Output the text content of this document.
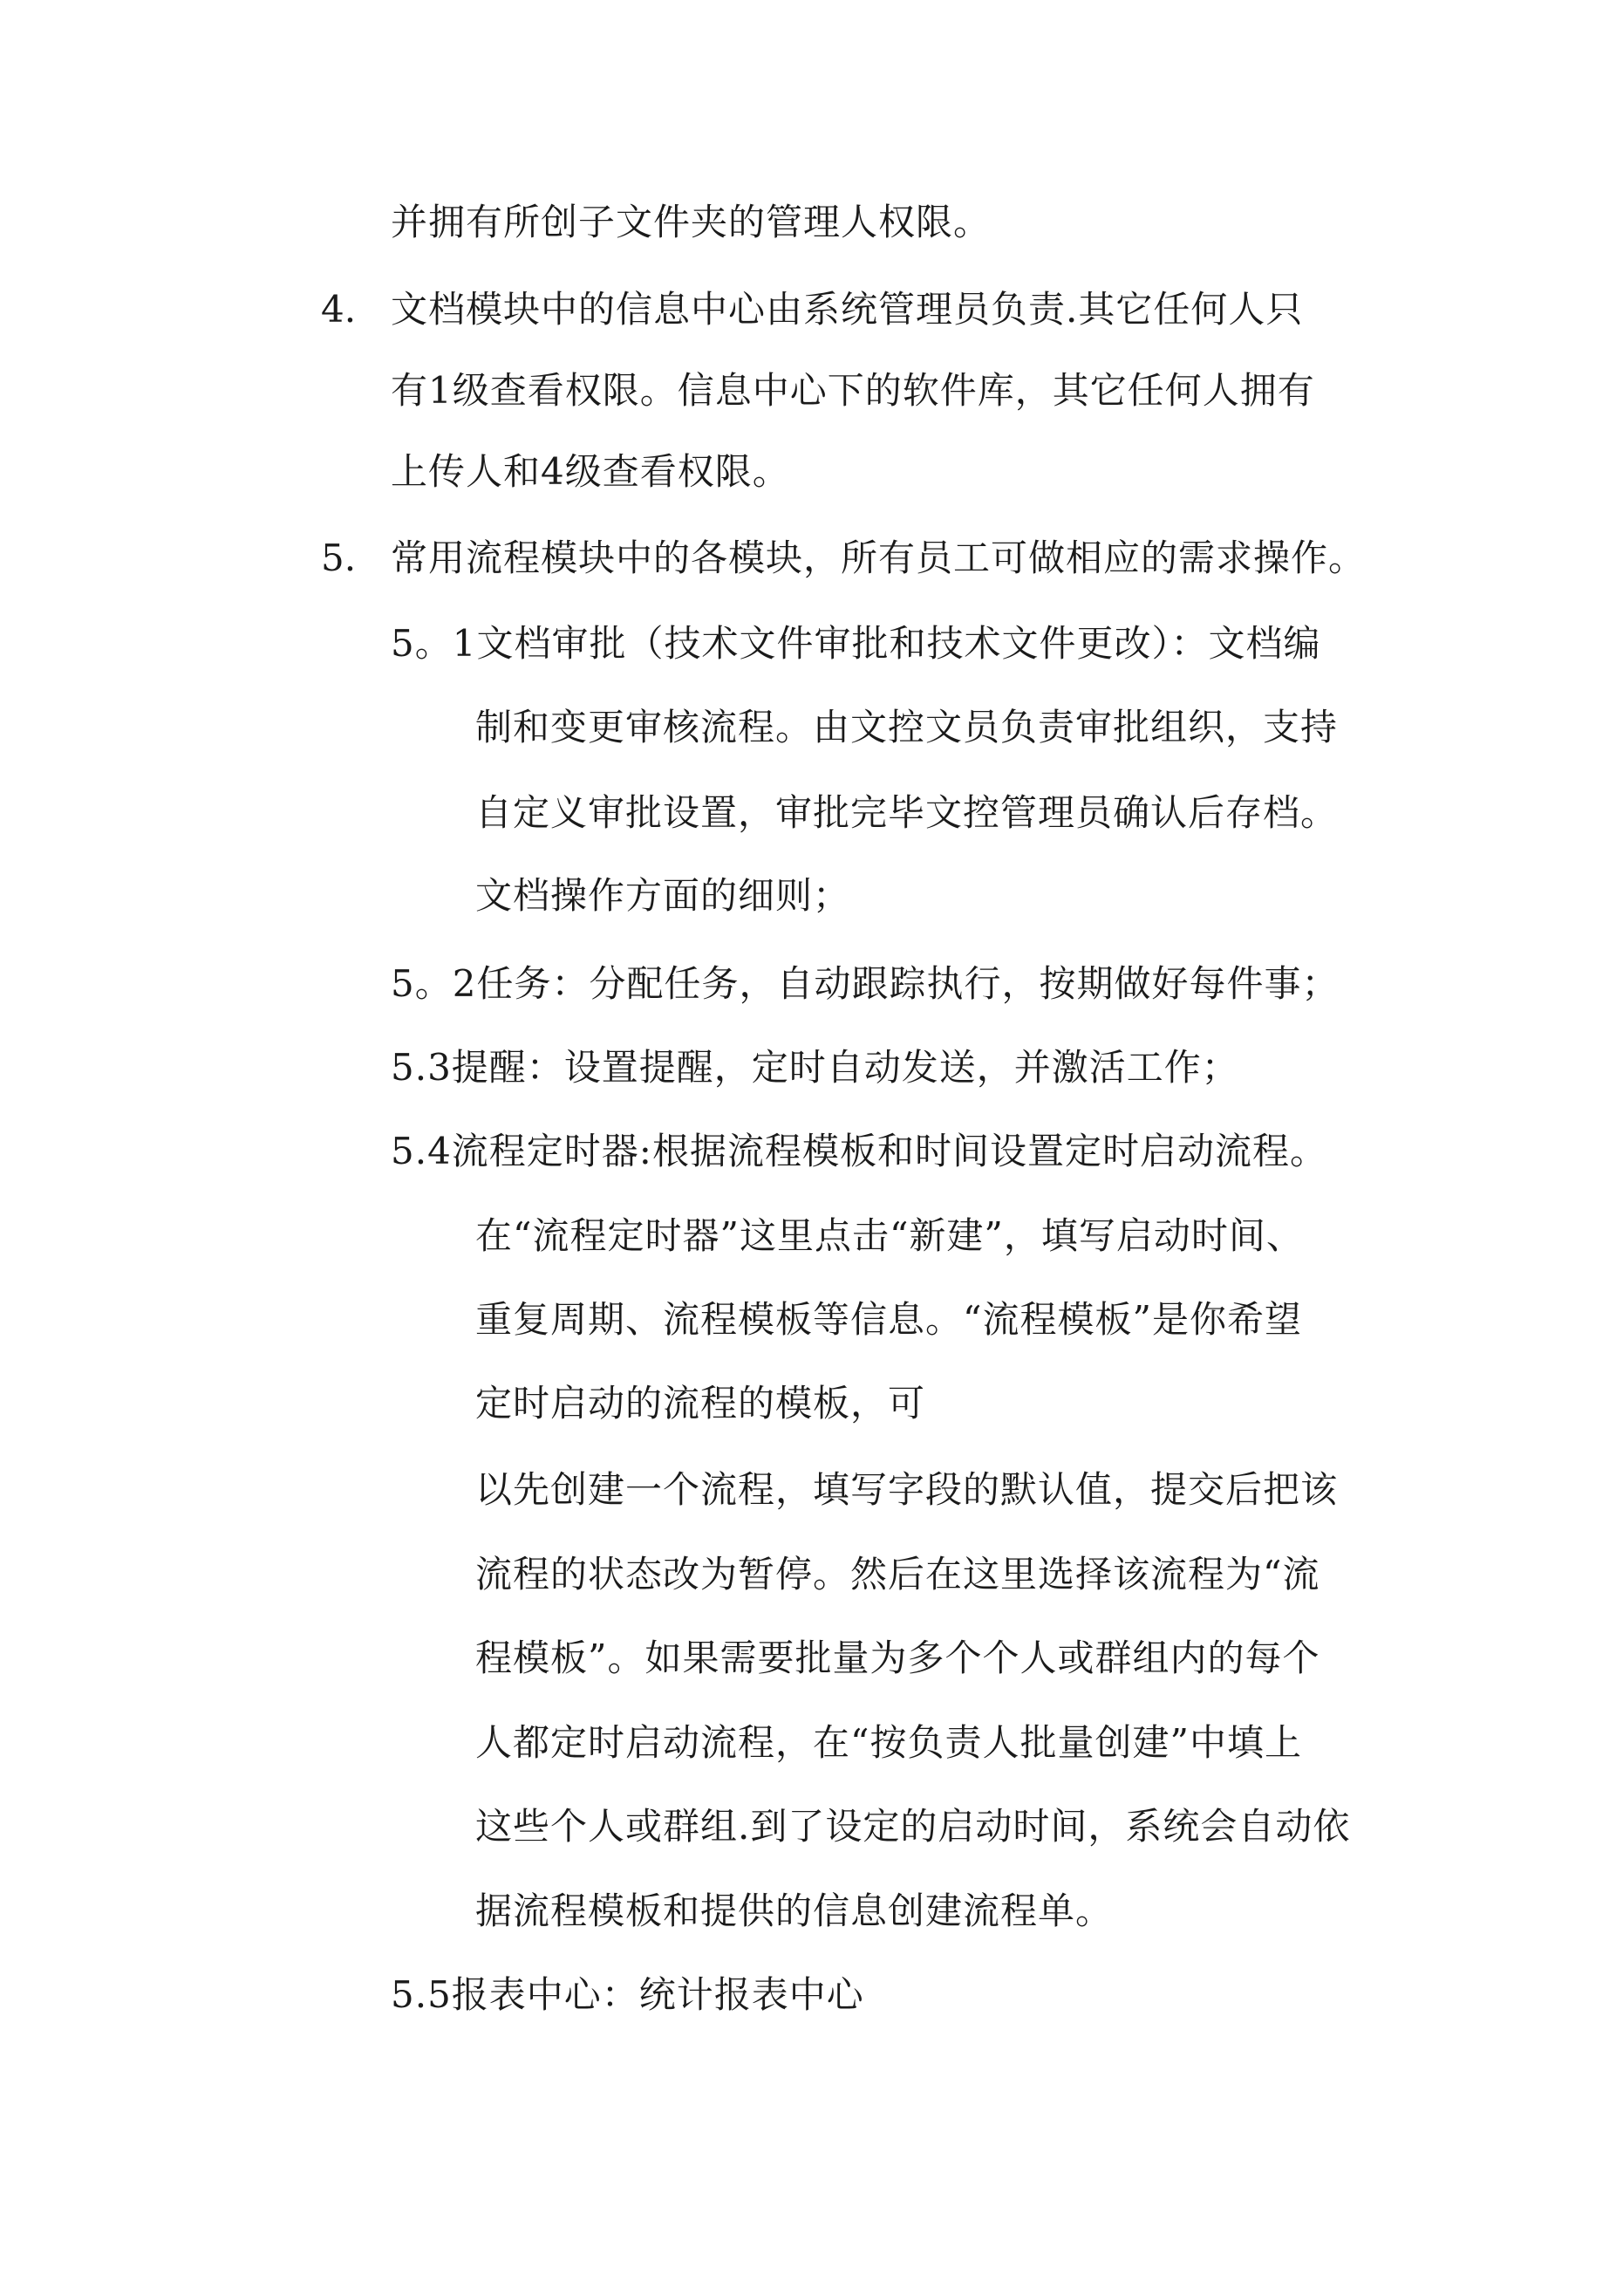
并拥有所创子文件夹的管理人权限。
4. 文档模块中的信息中心由系统管理员负责.其它任何人只
有1级查看权限。信息中心下的软件库，其它任何人拥有
上传人和4级查看权限。
5. 常用流程模块中的各模块，所有员工可做相应的需求操作。
5。1文档审批（技术文件审批和技术文件更改）：文档编
制和变更审核流程。由文控文员负责审批组织，支持
自定义审批设置，审批完毕文控管理员确认后存档。
文档操作方面的细则；
5。2任务：分配任务，自动跟踪执行，按期做好每件事；
5.3提醒：设置提醒，定时自动发送，并激活工作；
5.4流程定时器:根据流程模板和时间设置定时启动流程。
在“流程定时器”这里点击“新建”，填写启动时间、
重复周期、流程模板等信息。“流程模板”是你希望
定时启动的流程的模板，可
以先创建一个流程，填写字段的默认值，提交后把该
流程的状态改为暂停。然后在这里选择该流程为“流
程模板”。如果需要批量为多个个人或群组内的每个
人都定时启动流程，在“按负责人批量创建”中填上
这些个人或群组.到了设定的启动时间，系统会自动依
据流程模板和提供的信息创建流程单。
5.5报表中心：统计报表中心
